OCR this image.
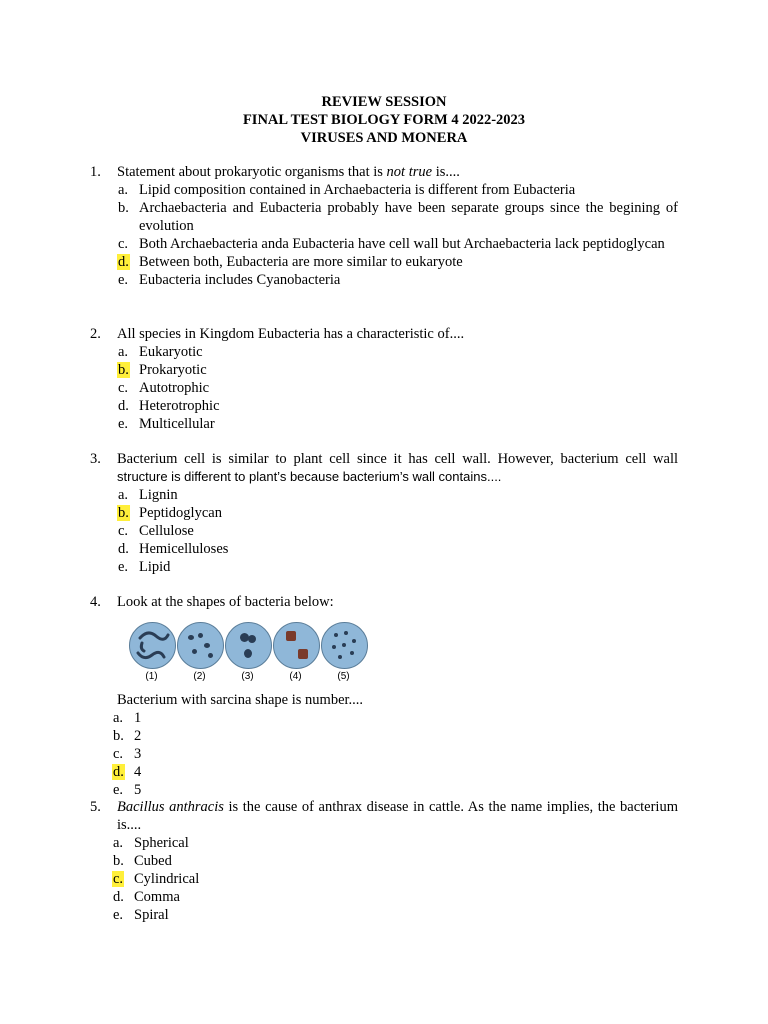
REVIEW SESSION
FINAL TEST BIOLOGY FORM 4 2022-2023
VIRUSES AND MONERA
1.	Statement about prokaryotic organisms that is not true is....
a. Lipid composition contained in Archaebacteria is different from Eubacteria
b. Archaebacteria and Eubacteria probably have been separate groups since the begining of evolution
c. Both Archaebacteria anda Eubacteria have cell wall but Archaebacteria lack peptidoglycan
d. Between both, Eubacteria are more similar to eukaryote
e. Eubacteria includes Cyanobacteria
2.	All species in Kingdom Eubacteria has a characteristic of....
a. Eukaryotic
b. Prokaryotic
c. Autotrophic
d. Heterotrophic
e. Multicellular
3.	Bacterium cell is similar to plant cell since it has cell wall. However, bacterium cell wall
structure is different to plant’s because bacterium’s wall contains....
a. Lignin
b. Peptidoglycan
c. Cellulose
d. Hemicelluloses
e. Lipid
4.	Look at the shapes of bacteria below:
(1)	(2)	(3)	(4)	(5)
Bacterium with sarcina shape is number....
a. 1
b. 2
c. 3
d. 4
e. 5
5.	Bacillus anthracis is the cause of anthrax disease in cattle. As the name implies, the bacterium is....
a. Spherical
b. Cubed
c. Cylindrical
d. Comma
e. Spiral
